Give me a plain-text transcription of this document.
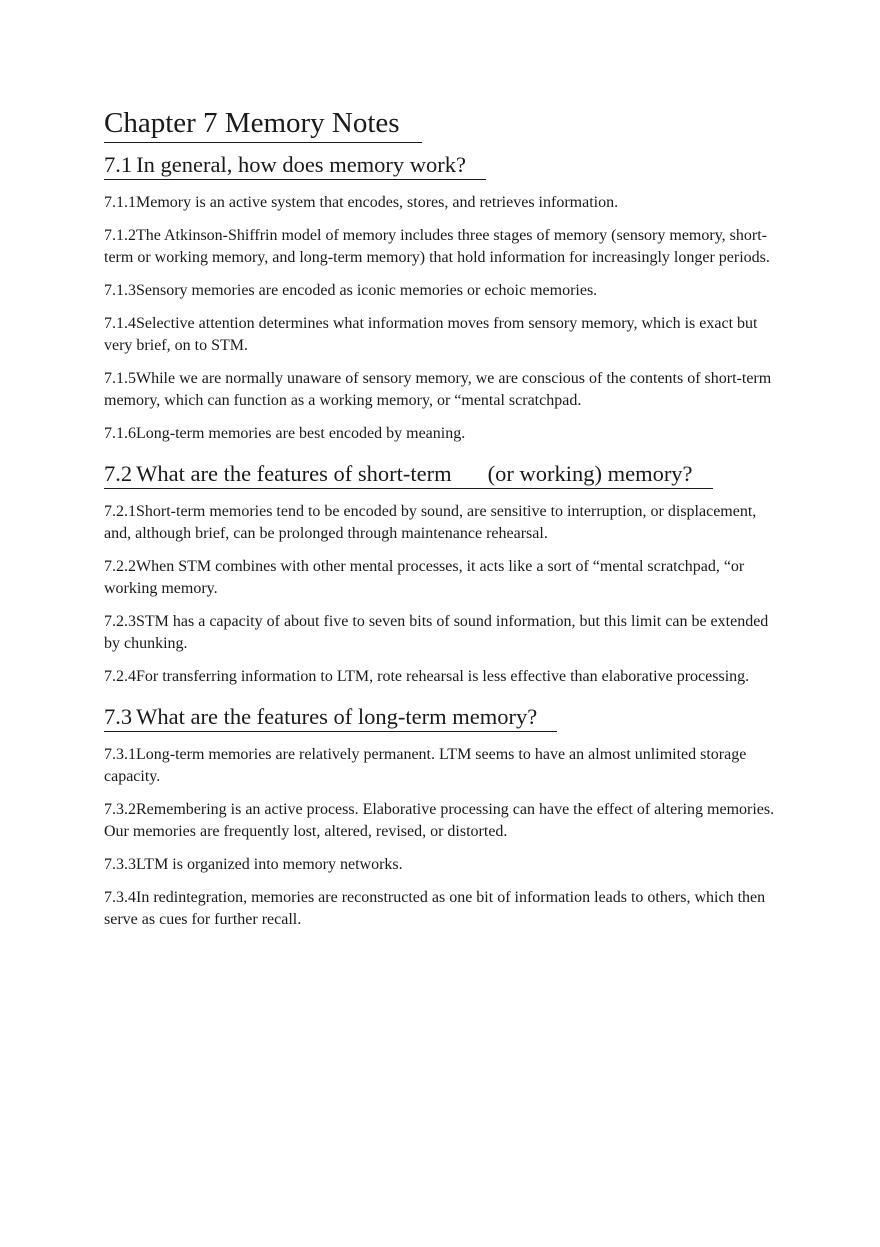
Chapter 7 Memory Notes
7.1 In general, how does memory work?

7.1.1Memory is an active system that encodes, stores, and retrieves information.

7.1.2The Atkinson-Shiffrin model of memory includes three stages of memory (sensory memory, short-term or working memory, and long-term memory) that hold information for increasingly longer periods.

7.1.3Sensory memories are encoded as iconic memories or echoic memories.

7.1.4Selective attention determines what information moves from sensory memory, which is exact but very brief, on to STM.

7.1.5While we are normally unaware of sensory memory, we are conscious of the contents of short-term memory, which can function as a working memory, or “mental scratchpad.

7.1.6Long-term memories are best encoded by meaning.

7.2 What are the features of short-term (or working) memory?

7.2.1Short-term memories tend to be encoded by sound, are sensitive to interruption, or displacement, and, although brief, can be prolonged through maintenance rehearsal.

7.2.2When STM combines with other mental processes, it acts like a sort of “mental scratchpad, “or working memory.

7.2.3STM has a capacity of about five to seven bits of sound information, but this limit can be extended by chunking.

7.2.4For transferring information to LTM, rote rehearsal is less effective than elaborative processing.

7.3 What are the features of long-term memory?

7.3.1Long-term memories are relatively permanent. LTM seems to have an almost unlimited storage capacity.

7.3.2Remembering is an active process. Elaborative processing can have the effect of altering memories. Our memories are frequently lost, altered, revised, or distorted.

7.3.3LTM is organized into memory networks.

7.3.4In redintegration, memories are reconstructed as one bit of information leads to others, which then serve as cues for further recall.
